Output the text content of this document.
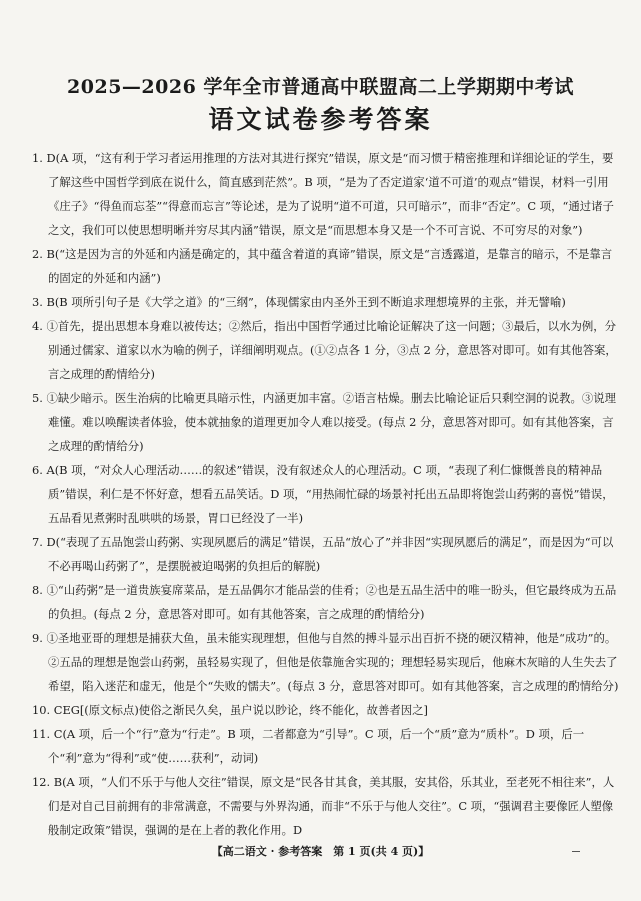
2025—2026 学年全市普通高中联盟高二上学期期中考试
语文试卷参考答案

1. D(A 项，“这有利于学习者运用推理的方法对其进行探究”错误，原文是“而习惯于精密推理和详细论证的学生，要了解这些中国哲学到底在说什么，简直感到茫然”。B 项，“是为了否定道家‘道不可道’的观点”错误，材料一引用《庄子》“得鱼而忘荃”“得意而忘言”等论述，是为了说明“道不可道，只可暗示”，而非“否定”。C 项，“通过诸子之文，我们可以使思想明晰并穷尽其内涵”错误，原文是“而思想本身又是一个不可言说、不可穷尽的对象”)

2. B(“这是因为言的外延和内涵是确定的，其中蕴含着道的真谛”错误，原文是“言透露道，是靠言的暗示，不是靠言的固定的外延和内涵”)

3. B(B 项所引句子是《大学之道》的“三纲”，体现儒家由内圣外王到不断追求理想境界的主张，并无譬喻)

4. ①首先，提出思想本身难以被传达；②然后，指出中国哲学通过比喻论证解决了这一问题；③最后，以水为例，分别通过儒家、道家以水为喻的例子，详细阐明观点。(①②点各 1 分，③点 2 分，意思答对即可。如有其他答案，言之成理的酌情给分)

5. ①缺少暗示。医生治病的比喻更具暗示性，内涵更加丰富。②语言枯燥。删去比喻论证后只剩空洞的说教。③说理难懂。难以唤醒读者体验，使本就抽象的道理更加令人难以接受。(每点 2 分，意思答对即可。如有其他答案，言之成理的酌情给分)

6. A(B 项，“对众人心理活动……的叙述”错误，没有叙述众人的心理活动。C 项，“表现了利仁慷慨善良的精神品质”错误，利仁是不怀好意，想看五品笑话。D 项，“用热闹忙碌的场景衬托出五品即将饱尝山药粥的喜悦”错误，五品看见煮粥时乱哄哄的场景，胃口已经没了一半)

7. D(“表现了五品饱尝山药粥、实现夙愿后的满足”错误，五品“放心了”并非因“实现夙愿后的满足”，而是因为“可以不必再喝山药粥了”，是摆脱被迫喝粥的负担后的解脱)

8. ①“山药粥”是一道贵族宴席菜品，是五品偶尔才能品尝的佳肴；②也是五品生活中的唯一盼头，但它最终成为五品的负担。(每点 2 分，意思答对即可。如有其他答案，言之成理的酌情给分)

9. ①圣地亚哥的理想是捕获大鱼，虽未能实现理想，但他与自然的搏斗显示出百折不挠的硬汉精神，他是“成功”的。②五品的理想是饱尝山药粥，虽轻易实现了，但他是依靠施舍实现的；理想轻易实现后，他麻木灰暗的人生失去了希望，陷入迷茫和虚无，他是个“失败的懦夫”。(每点 3 分，意思答对即可。如有其他答案，言之成理的酌情给分)

10. CEG[(原文标点)使俗之渐民久矣，虽户说以眇论，终不能化，故善者因之]

11. C(A 项，后一个“行”意为“行走”。B 项，二者都意为“引导”。C 项，后一个“质”意为“质朴”。D 项，后一个“利”意为“得利”或“使……获利”，动词)

12. B(A 项，“人们不乐于与他人交往”错误，原文是“民各甘其食，美其服，安其俗，乐其业，至老死不相往来”，人们是对自己目前拥有的非常满意，不需要与外界沟通，而非“不乐于与他人交往”。C 项，“强调君主要像匠人塑像般制定政策”错误，强调的是在上者的教化作用。D

【高二语文 · 参考答案　第 1 页(共 4 页)】
